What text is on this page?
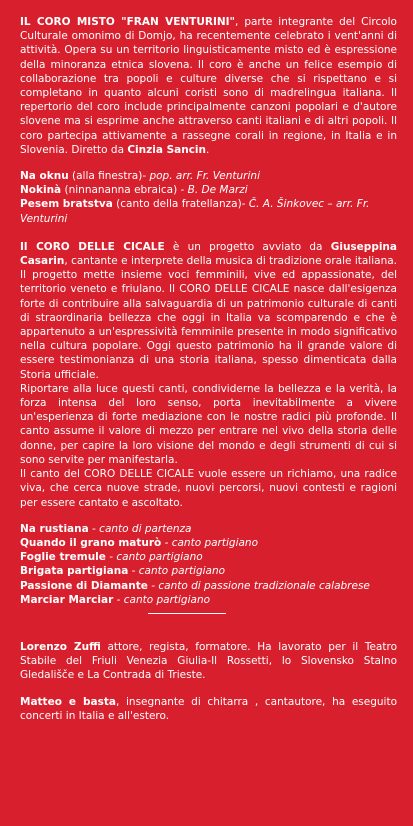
IL CORO MISTO "FRAN VENTURINI", parte integrante del Circolo Culturale omonimo di Domjo, ha recentemente celebrato i vent'anni di attività. Opera su un territorio linguisticamente misto ed è espressione della minoranza etnica slovena. Il coro è anche un felice esempio di collaborazione tra popoli e culture diverse che si rispettano e si completano in quanto alcuni coristi sono di madrelingua italiana. Il repertorio del coro include principalmente canzoni popolari e d'autore slovene ma si esprime anche attraverso canti italiani e di altri popoli. Il coro partecipa attivamente a rassegne corali in regione, in Italia e in Slovenia. Diretto da Cinzia Sancin.

Na oknu (alla finestra)- pop. arr. Fr. Venturini

Nokinà (ninnananna ebraica) - B. De Marzi

Pesem bratstva (canto della fratellanza)- Č. A. Šinkovec – arr. Fr. Venturini

Il CORO DELLE CICALE è un progetto avviato da Giuseppina Casarin, cantante e interprete della musica di tradizione orale italiana. Il progetto mette insieme voci femminili, vive ed appassionate, del territorio veneto e friulano. Il CORO DELLE CICALE nasce dall'esigenza forte di contribuire alla salvaguardia di un patrimonio culturale di canti di straordinaria bellezza che oggi in Italia va scomparendo e che è appartenuto a un'espressività femminile presente in modo significativo nella cultura popolare. Oggi questo patrimonio ha il grande valore di essere testimonianza di una storia italiana, spesso dimenticata dalla Storia ufficiale.

Riportare alla luce questi canti, condividerne la bellezza e la verità, la forza intensa del loro senso, porta inevitabilmente a vivere un'esperienza di forte mediazione con le nostre radici più profonde. Il canto assume il valore di mezzo per entrare nel vivo della storia delle donne, per capire la loro visione del mondo e degli strumenti di cui si sono servite per manifestarla.

Il canto del CORO DELLE CICALE vuole essere un richiamo, una radice viva, che cerca nuove strade, nuovi percorsi, nuovi contesti e ragioni per essere cantato e ascoltato.

Na rustiana - canto di partenza

Quando il grano maturò - canto partigiano

Foglie tremule - canto partigiano

Brigata partigiana - canto partigiano

Passione di Diamante - canto di passione tradizionale calabrese

Marciar Marciar - canto partigiano

Lorenzo Zuffi attore, regista, formatore. Ha lavorato per il Teatro Stabile del Friuli Venezia Giulia-Il Rossetti, lo Slovensko Stalno Gledališče e La Contrada di Trieste.

Matteo e basta, insegnante di chitarra , cantautore, ha eseguito concerti in Italia e all'estero.
